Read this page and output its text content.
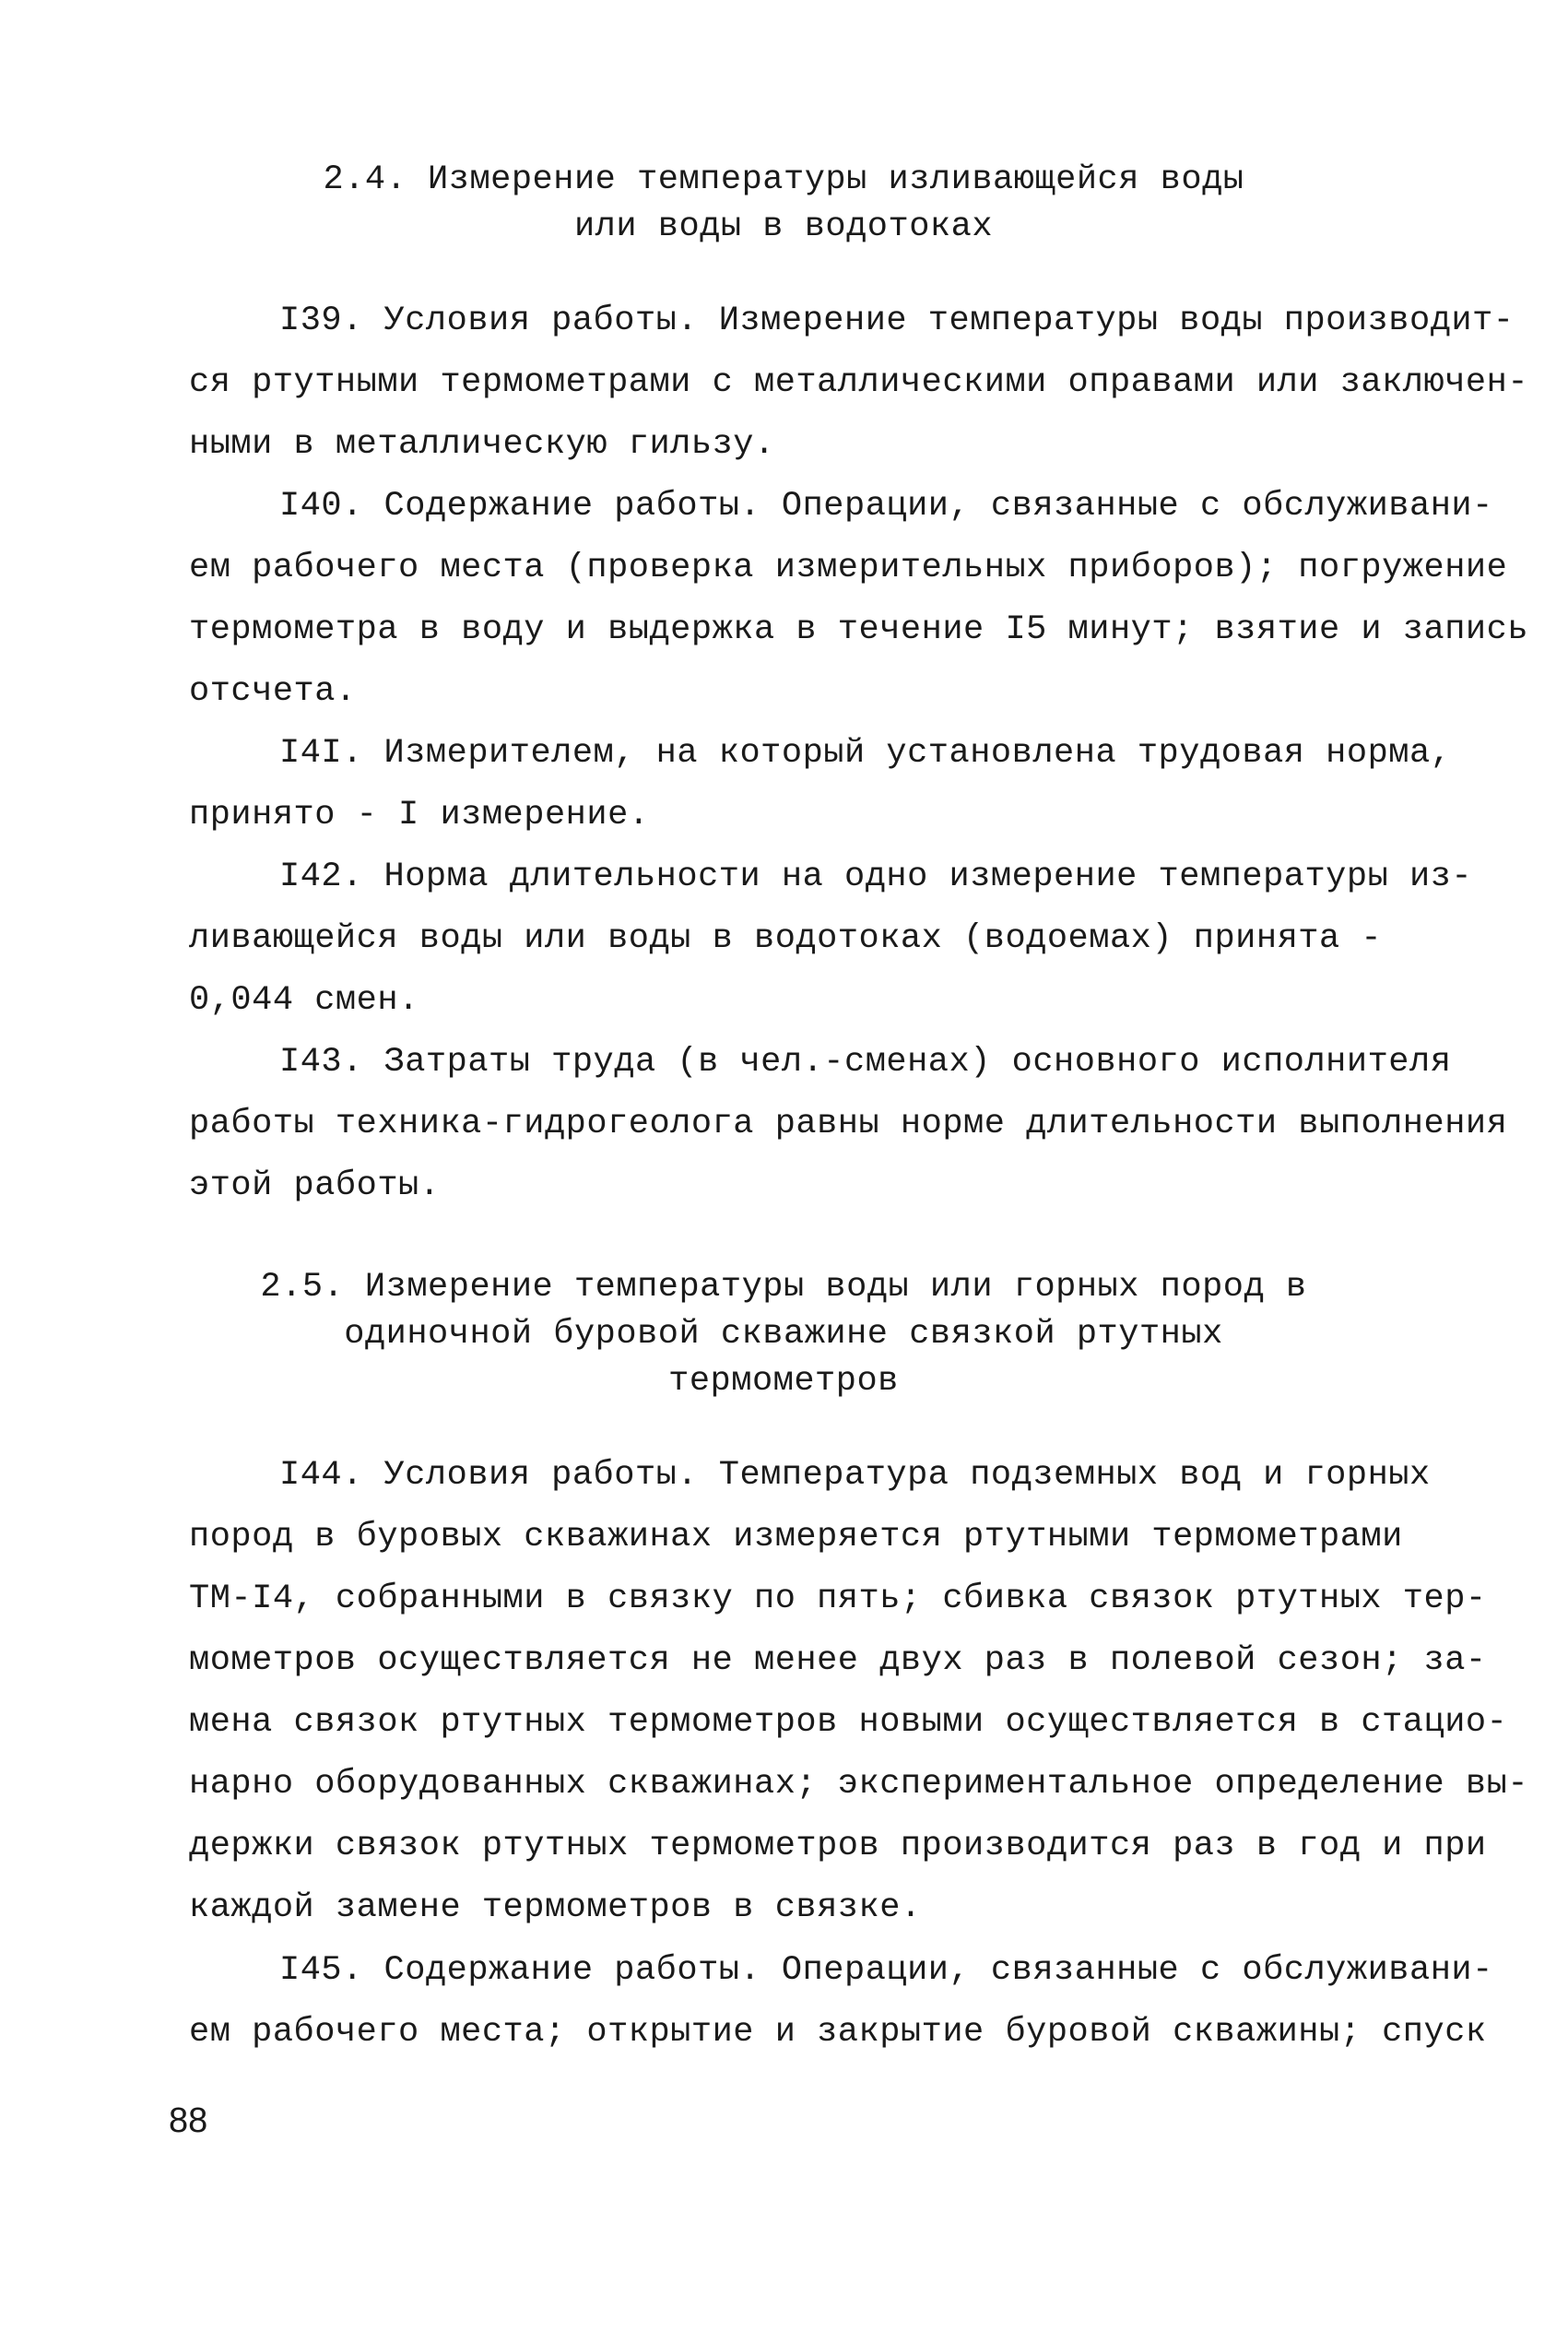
2.4. Измерение температуры изливающейся воды
или воды в водотоках
I39. Условия работы. Измерение температуры воды производит-
ся ртутными термометрами с металлическими оправами или заключен-
ными в металлическую гильзу.
I40. Содержание работы. Операции, связанные с обслуживани-
ем рабочего места (проверка измерительных приборов); погружение
термометра в воду и выдержка в течение I5 минут; взятие и запись
отсчета.
I4I. Измерителем, на который установлена трудовая норма,
принято - I измерение.
I42. Норма длительности на одно измерение температуры из-
ливающейся воды или воды в водотоках (водоемах) принята -
0,044 смен.
I43. Затраты труда (в чел.-сменах) основного исполнителя
работы техника-гидрогеолога равны норме длительности выполнения
этой работы.
2.5. Измерение температуры воды или горных пород в
одиночной буровой скважине связкой ртутных
термометров
I44. Условия работы. Температура подземных вод и горных
пород в буровых скважинах измеряется ртутными термометрами
ТМ-I4, собранными в связку по пять; сбивка связок ртутных тер-
мометров осуществляется не менее двух раз в полевой сезон; за-
мена связок ртутных термометров новыми осуществляется в стацио-
нарно оборудованных скважинах; экспериментальное определение вы-
держки связок ртутных термометров производится раз в год и при
каждой замене термометров в связке.
I45. Содержание работы. Операции, связанные с обслуживани-
ем рабочего места; открытие и закрытие буровой скважины; спуск
88
